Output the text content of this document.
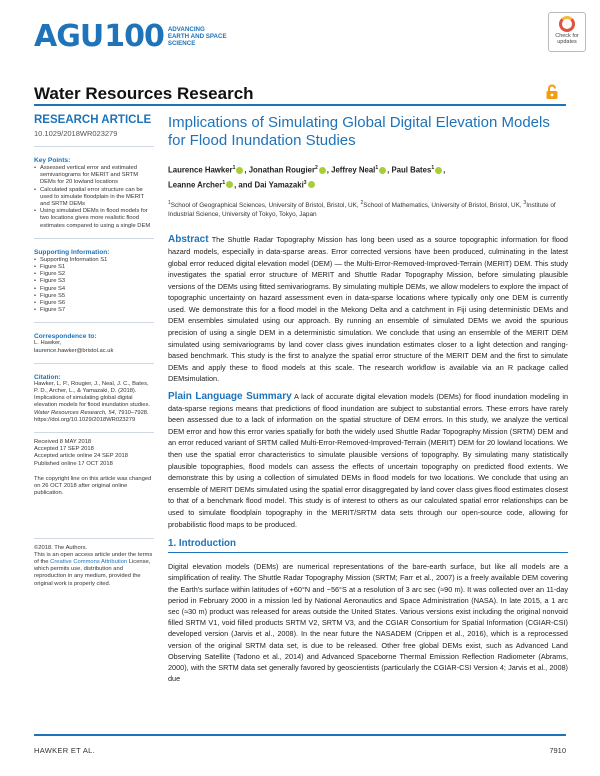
AGU 100 ADVANCING EARTH AND SPACE SCIENCE
Check for
updates
Water Resources Research
RESEARCH ARTICLE
10.1029/2018WR023279
Key Points:
• Assessed vertical error and estimated semivariograms for MERIT and SRTM DEMs for 20 lowland locations
• Calculated spatial error structure can be used to simulate floodplain in the MERIT and SRTM DEMs
• Using simulated DEMs in flood models for two locations gives more realistic flood estimates compared to using a single DEM
Supporting Information:
• Supporting Information S1
• Figure S1
• Figure S2
• Figure S3
• Figure S4
• Figure S5
• Figure S6
• Figure S7
Correspondence to:
L. Hawker,
laurence.hawker@bristol.ac.uk
Citation:
Hawker, L. P., Rougier, J., Neal, J. C., Bates, P. D., Archer, L., & Yamazaki, D. (2018). Implications of simulating global digital elevation models for flood inundation studies. Water Resources Research, 54, 7910–7928. https://doi.org/10.1029/2018WR023279
Received 8 MAY 2018
Accepted 17 SEP 2018
Accepted article online 24 SEP 2018
Published online 17 OCT 2018
The copyright line on this article was changed on 26 OCT 2018 after original online publication.
©2018. The Authors.
This is an open access article under the terms of the Creative Commons Attribution License, which permits use, distribution and reproduction in any medium, provided the original work is properly cited.
Implications of Simulating Global Digital Elevation Models for Flood Inundation Studies
Laurence Hawker$^1$ , Jonathan Rougier$^2$ , Jeffrey Neal$^1$ , Paul Bates$^1$ ,
Leanne Archer$^1$ , and Dai Yamazaki$^3$
$^1$School of Geographical Sciences, University of Bristol, Bristol, UK, $^2$School of Mathematics, University of Bristol, Bristol, UK, $^3$Institute of Industrial Science, University of Tokyo, Tokyo, Japan
Abstract The Shuttle Radar Topography Mission has long been used as a source topographic information for flood hazard models, especially in data-sparse areas. Error corrected versions have been produced, culminating in the latest global error reduced digital elevation model (DEM) — the Multi-Error-Removed-Improved-Terrain (MERIT) DEM. This study investigates the spatial error structure of MERIT and Shuttle Radar Topography Mission, before simulating plausible versions of the DEMs using fitted semivariograms. By simulating multiple DEMs, we allow modelers to explore the impact of topographic uncertainty on hazard assessment even in data-sparse locations where typically only one DEM is currently used. We demonstrate this for a flood model in the Mekong Delta and a catchment in Fiji using deterministic DEMs and DEM ensembles simulated using our approach. By running an ensemble of simulated DEMs we avoid the spurious precision of using a single DEM in a deterministic simulation. We conclude that using an ensemble of the MERIT DEM simulated using semivariograms by land cover class gives inundation estimates closer to a light detection and ranging-based benchmark. This study is the first to analyze the spatial error structure of the MERIT DEM and the first to simulate DEMs and apply these to flood models at this scale. The research workflow is available via an R package called DEMsimulation.
Plain Language Summary A lack of accurate digital elevation models (DEMs) for flood inundation modeling in data-sparse regions means that predictions of flood inundation are subject to substantial errors. These errors have rarely been assessed due to a lack of information on the spatial structure of DEM errors. In this study, we analyze the vertical DEM error and how this error varies spatially for both the widely used Shuttle Radar Topography Mission (SRTM) DEM and an error reduced variant of SRTM called Multi-Error-Removed-Improved-Terrain (MERIT) DEM for 20 lowland locations. We then use the spatial error characteristics to simulate plausible versions of topography. By simulating many statistically plausible topographies, flood models can assess the effects of uncertain topography on predicted flood extents. We demonstrate this by using a collection of simulated DEMs in flood models for two locations. We conclude that using an ensemble of MERIT DEMs simulated using the spatial error disaggregated by land cover class gives flood estimates closest to that of a benchmark flood model. This study is of interest to others as our calculated spatial error relationships can be used to simulate floodplain topography in the MERIT/SRTM data sets through our open-source code, allowing for probabilistic flood maps to be produced.
1. Introduction
Digital elevation models (DEMs) are numerical representations of the bare-earth surface, but like all models are a simplification of reality. The Shuttle Radar Topography Mission (SRTM; Farr et al., 2007) is a freely available DEM covering the Earth's surface within latitudes of +60°N and −56°S at a resolution of 3 arc sec (≈90 m). It was collected over an 11-day period in February 2000 in a mission led by National Aeronautics and Space Administration (NASA). In late 2015, a 1 arc sec (≈30 m) product was released for areas outside the United States. Various versions exist including the original nonvoid filled SRTM V1, void filled products SRTM V2, SRTM V3, and the CGIAR Consortium for Spatial Information (CGIAR-CSI) developed version (Jarvis et al., 2008). In the near future the NASADEM (Crippen et al., 2016), which is a reprocessed version of the original SRTM data set, is due to be released. Other free global DEMs exist, such as Advanced Land Observing Satellite (Tadono et al., 2014) and Advanced Spaceborne Thermal Emission Reflection Radiometer (Abrams, 2000), with the SRTM data set generally favored by geoscientists (particularly the CGIAR-CSI Version 4; Jarvis et al., 2008) due
HAWKER ET AL.	7910
